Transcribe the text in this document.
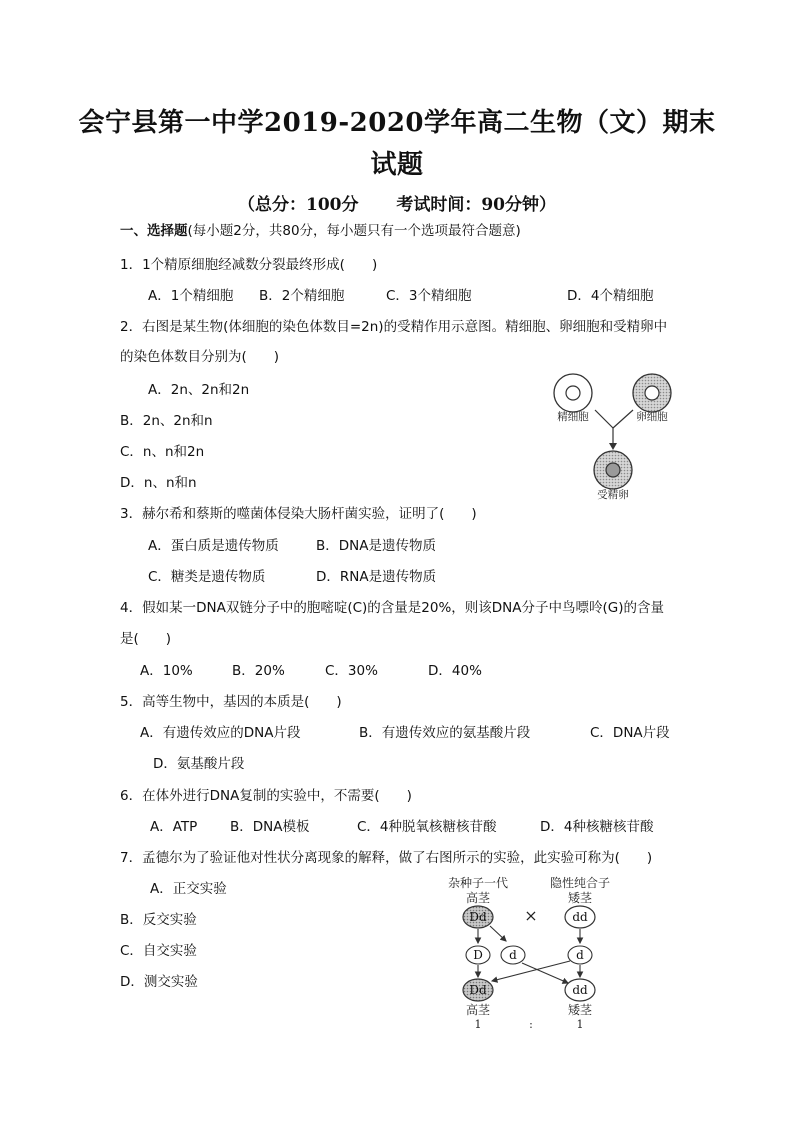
会宁县第一中学2019-2020学年高二生物（文）期末
试题
（总分：100分 考试时间：90分钟）
一、选择题(每小题2分，共80分，每小题只有一个选项最符合题意)
1．1个精原细胞经减数分裂最终形成(　　)
A．1个精细胞 B．2个精细胞	C．3个精细胞	D．4个精细胞
2．右图是某生物(体细胞的染色体数目=2n)的受精作用示意图。精细胞、卵细胞和受精卵中
的染色体数目分别为(　　)
A．2n、2n和2n
B．2n、2n和n
C．n、n和2n
D．n、n和n
精细胞	卵细胞
受精卵
3．赫尔希和蔡斯的噬菌体侵染大肠杆菌实验，证明了(　　)
A．蛋白质是遗传物质	B．DNA是遗传物质
C．糖类是遗传物质	D．RNA是遗传物质
4．假如某一DNA双链分子中的胞嘧啶(C)的含量是20%，则该DNA分子中鸟嘌呤(G)的含量
是(　　)
A．10%	B．20%	C．30%	D．40%
5．高等生物中，基因的本质是(　　)
A．有遗传效应的DNA片段	B．有遗传效应的氨基酸片段	C．DNA片段
D．氨基酸片段
6．在体外进行DNA复制的实验中，不需要(　　)
A．ATP B．DNA模板	C．4种脱氧核糖核苷酸	D．4种核糖核苷酸
7．孟德尔为了验证他对性状分离现象的解释，做了右图所示的实验，此实验可称为(　　)
A．正交实验
B．反交实验
C．自交实验
D．测交实验
杂种子一代	隐性纯合子
高茎	矮茎
Dd ×	dd
D d	d
Dd	dd
高茎	矮茎
1	:	1
